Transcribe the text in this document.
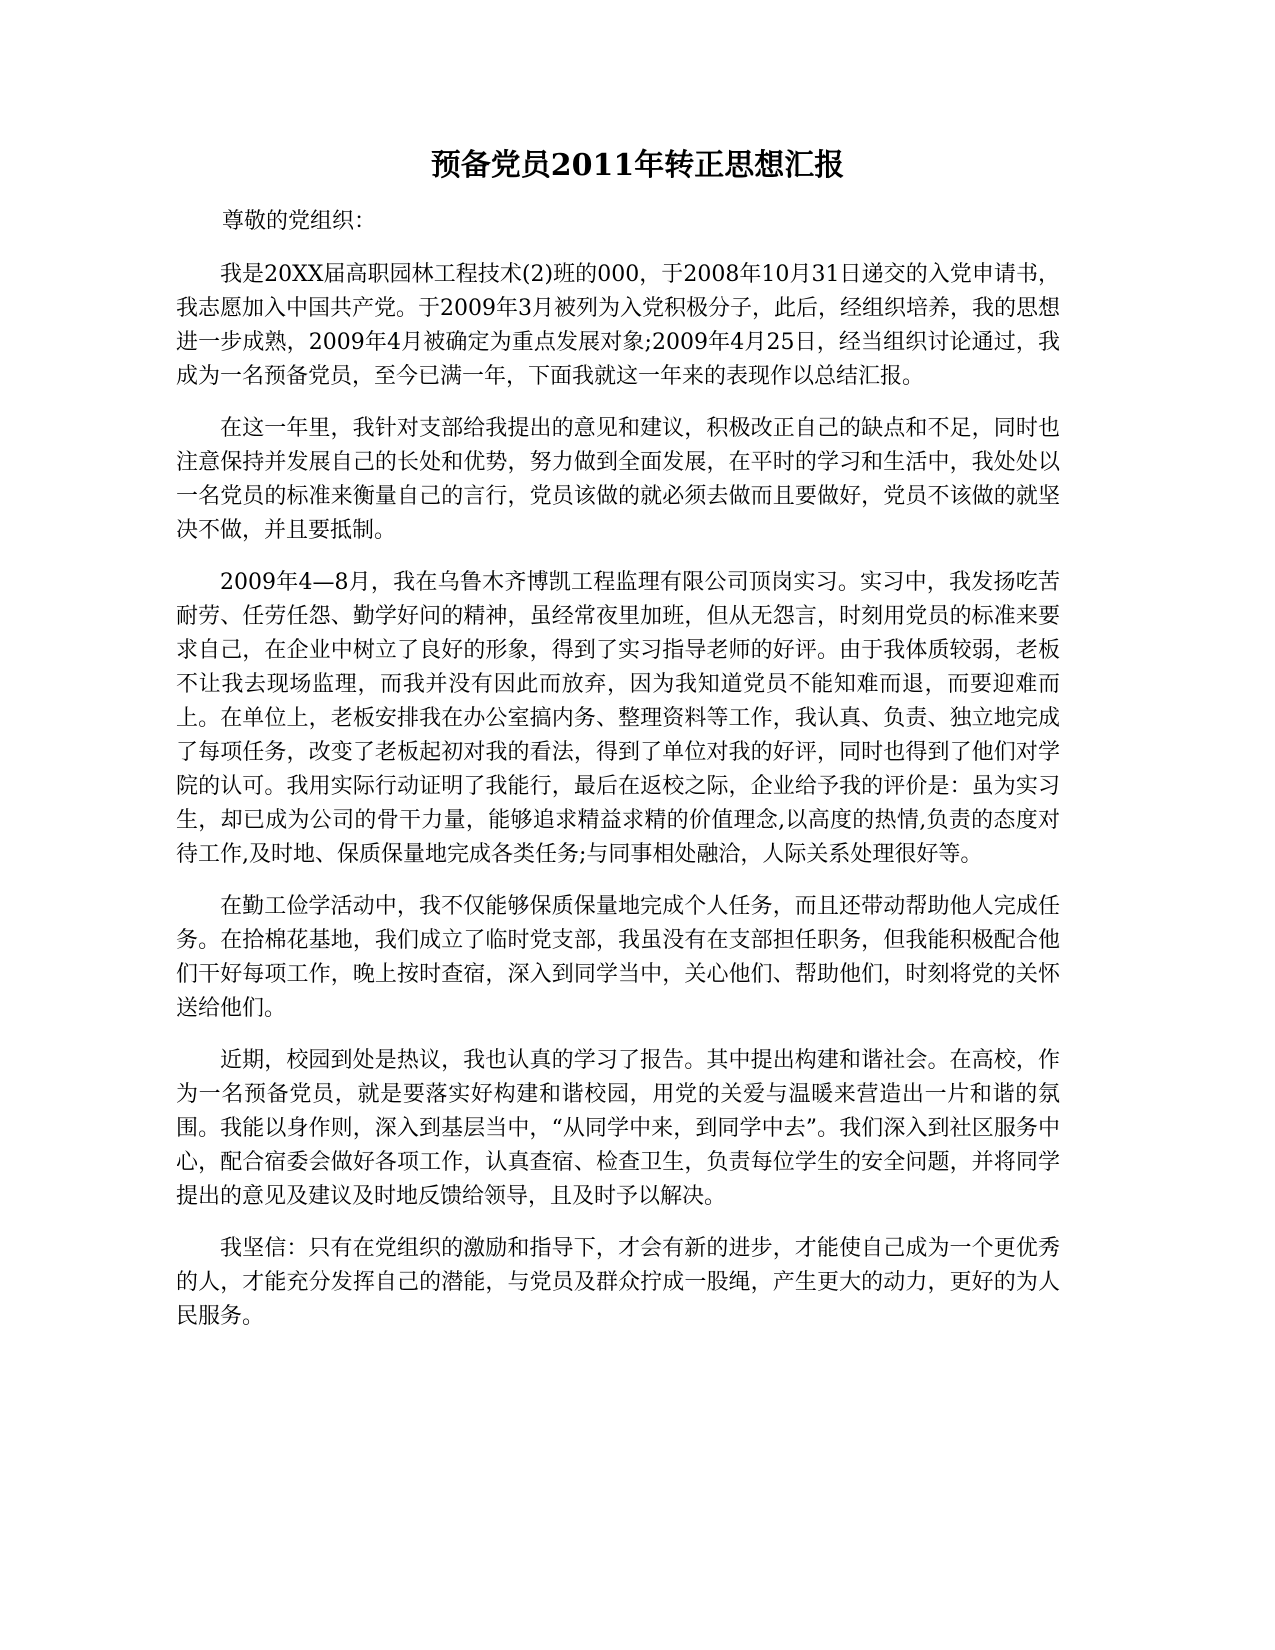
预备党员2011年转正思想汇报
尊敬的党组织：

我是20XX届高职园林工程技术(2)班的000，于2008年10月31日递交的入党申请书，我志愿加入中国共产党。于2009年3月被列为入党积极分子，此后，经组织培养，我的思想进一步成熟，2009年4月被确定为重点发展对象;2009年4月25日，经当组织讨论通过，我成为一名预备党员，至今已满一年，下面我就这一年来的表现作以总结汇报。

在这一年里，我针对支部给我提出的意见和建议，积极改正自己的缺点和不足，同时也注意保持并发展自己的长处和优势，努力做到全面发展，在平时的学习和生活中，我处处以一名党员的标准来衡量自己的言行，党员该做的就必须去做而且要做好，党员不该做的就坚决不做，并且要抵制。

2009年4—8月，我在乌鲁木齐博凯工程监理有限公司顶岗实习。实习中，我发扬吃苦耐劳、任劳任怨、勤学好问的精神，虽经常夜里加班，但从无怨言，时刻用党员的标准来要求自己，在企业中树立了良好的形象，得到了实习指导老师的好评。由于我体质较弱，老板不让我去现场监理，而我并没有因此而放弃，因为我知道党员不能知难而退，而要迎难而上。在单位上，老板安排我在办公室搞内务、整理资料等工作，我认真、负责、独立地完成了每项任务，改变了老板起初对我的看法，得到了单位对我的好评，同时也得到了他们对学院的认可。我用实际行动证明了我能行，最后在返校之际，企业给予我的评价是：虽为实习生，却已成为公司的骨干力量，能够追求精益求精的价值理念,以高度的热情,负责的态度对待工作,及时地、保质保量地完成各类任务;与同事相处融洽，人际关系处理很好等。

在勤工俭学活动中，我不仅能够保质保量地完成个人任务，而且还带动帮助他人完成任务。在拾棉花基地，我们成立了临时党支部，我虽没有在支部担任职务，但我能积极配合他们干好每项工作，晚上按时查宿，深入到同学当中，关心他们、帮助他们，时刻将党的关怀送给他们。

近期，校园到处是热议，我也认真的学习了报告。其中提出构建和谐社会。在高校，作为一名预备党员，就是要落实好构建和谐校园，用党的关爱与温暖来营造出一片和谐的氛围。我能以身作则，深入到基层当中，“从同学中来，到同学中去”。我们深入到社区服务中心，配合宿委会做好各项工作，认真查宿、检查卫生，负责每位学生的安全问题，并将同学提出的意见及建议及时地反馈给领导，且及时予以解决。

我坚信：只有在党组织的激励和指导下，才会有新的进步，才能使自己成为一个更优秀的人，才能充分发挥自己的潜能，与党员及群众拧成一股绳，产生更大的动力，更好的为人民服务。
